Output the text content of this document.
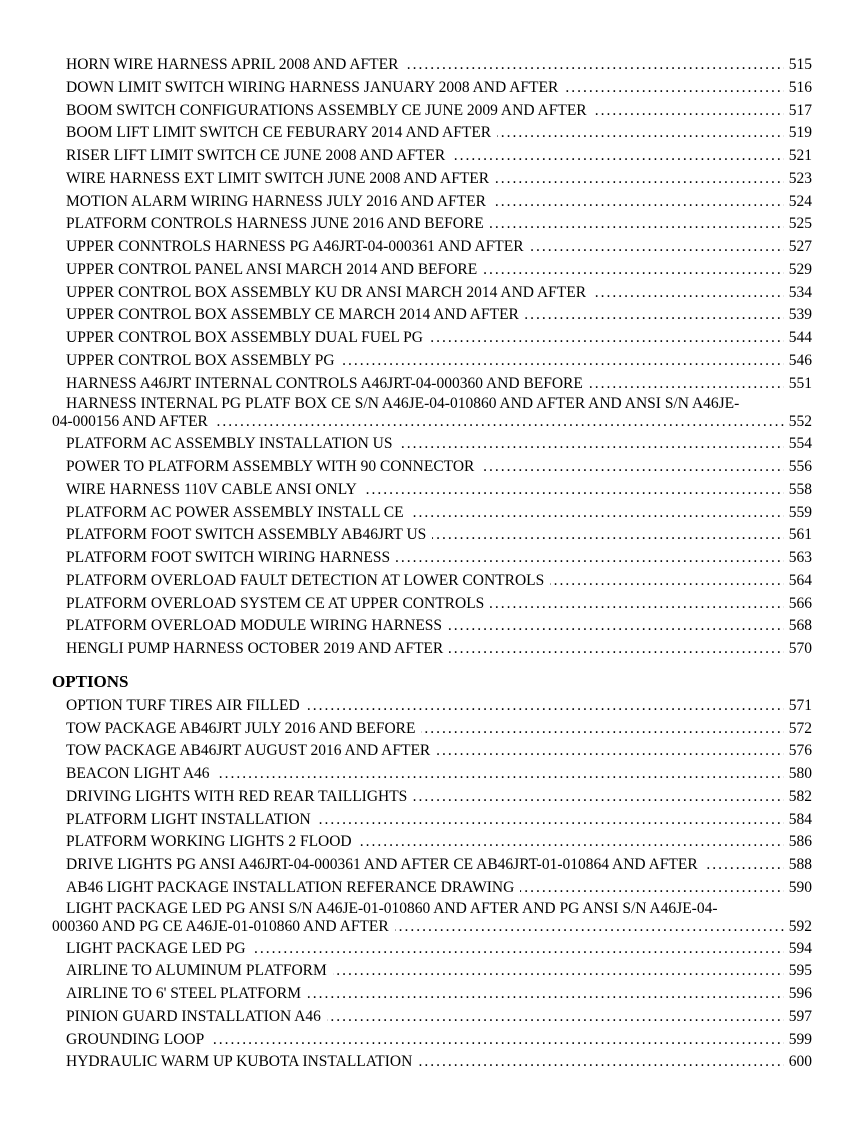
.....
HORN WIRE HARNESS APRIL 2008 AND AFTER	515
.....
DOWN LIMIT SWITCH WIRING HARNESS JANUARY 2008 AND AFTER	516
.....
BOOM SWITCH CONFIGURATIONS ASSEMBLY CE JUNE 2009 AND AFTER	517
.....
BOOM LIFT LIMIT SWITCH CE FEBURARY 2014 AND AFTER	519
.....
RISER LIFT LIMIT SWITCH CE JUNE 2008 AND AFTER	521
.....
WIRE HARNESS EXT LIMIT SWITCH JUNE 2008 AND AFTER	523
.....
MOTION ALARM WIRING HARNESS JULY 2016 AND AFTER	524
.....
PLATFORM CONTROLS HARNESS JUNE 2016 AND BEFORE	525
.....
UPPER CONNTROLS HARNESS PG A46JRT-04-000361 AND AFTER	527
.....
UPPER CONTROL PANEL ANSI MARCH 2014 AND BEFORE	529
.....
UPPER CONTROL BOX ASSEMBLY KU DR ANSI MARCH 2014 AND AFTER	534
.....
UPPER CONTROL BOX ASSEMBLY CE MARCH 2014 AND AFTER	539
.....
UPPER CONTROL BOX ASSEMBLY DUAL FUEL PG	544
.....
UPPER CONTROL BOX ASSEMBLY PG	546
.....
HARNESS A46JRT INTERNAL CONTROLS A46JRT-04-000360 AND BEFORE	551
HARNESS INTERNAL PG PLATF BOX CE S/N A46JE-04-010860 AND AFTER AND ANSI S/N A46JE-
.....
04-000156 AND AFTER	552
.....
PLATFORM AC ASSEMBLY INSTALLATION US	554
.....
POWER TO PLATFORM ASSEMBLY WITH 90 CONNECTOR	556
.....
WIRE HARNESS 110V CABLE ANSI ONLY	558
.....
PLATFORM AC POWER ASSEMBLY INSTALL CE	559
.....
PLATFORM FOOT SWITCH ASSEMBLY AB46JRT US	561
.....
PLATFORM FOOT SWITCH WIRING HARNESS	563
.....
PLATFORM OVERLOAD FAULT DETECTION AT LOWER CONTROLS	564
.....
PLATFORM OVERLOAD SYSTEM CE AT UPPER CONTROLS	566
.....
PLATFORM OVERLOAD MODULE WIRING HARNESS	568
.....
HENGLI PUMP HARNESS OCTOBER 2019 AND AFTER	570
OPTIONS
.....
OPTION TURF TIRES AIR FILLED	571
.....
TOW PACKAGE AB46JRT JULY 2016 AND BEFORE	572
.....
TOW PACKAGE AB46JRT AUGUST 2016 AND AFTER	576
.....
BEACON LIGHT A46	580
.....
DRIVING LIGHTS WITH RED REAR TAILLIGHTS	582
.....
PLATFORM LIGHT INSTALLATION	584
.....
PLATFORM WORKING LIGHTS 2 FLOOD	586
.....
DRIVE LIGHTS PG ANSI A46JRT-04-000361 AND AFTER CE AB46JRT-01-010864 AND AFTER	588
.....
AB46 LIGHT PACKAGE INSTALLATION REFERANCE DRAWING	590
LIGHT PACKAGE LED PG ANSI S/N A46JE-01-010860 AND AFTER AND PG ANSI S/N A46JE-04-
.....
000360 AND PG CE A46JE-01-010860 AND AFTER	592
.....
LIGHT PACKAGE LED PG	594
.....
AIRLINE TO ALUMINUM PLATFORM	595
.....
AIRLINE TO 6' STEEL PLATFORM	596
.....
PINION GUARD INSTALLATION A46	597
.....
GROUNDING LOOP	599
.....
HYDRAULIC WARM UP KUBOTA INSTALLATION	600
